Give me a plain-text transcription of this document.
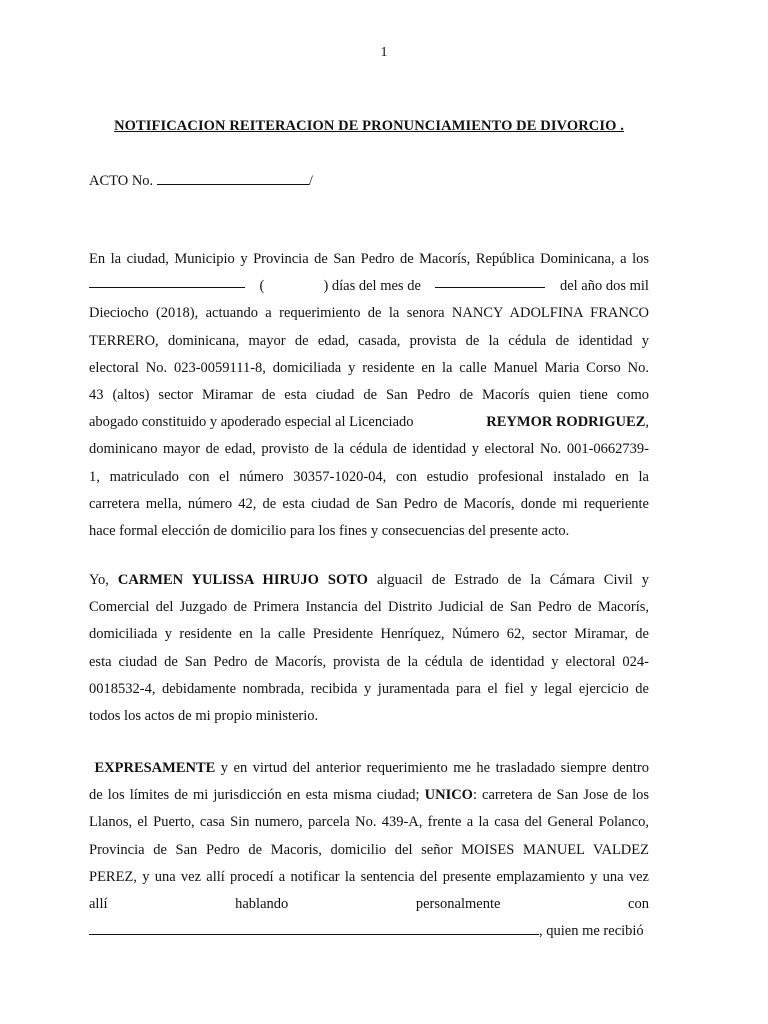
1
NOTIFICACION REITERACION DE PRONUNCIAMIENTO DE DIVORCIO .
ACTO No.	/
En la ciudad, Municipio y Provincia de San Pedro de Macorís, República Dominicana, a los
(	) días del mes de	del año dos mil
Dieciocho (2018), actuando a requerimiento de la senora NANCY ADOLFINA FRANCO
TERRERO, dominicana, mayor de edad, casada, provista de la cédula de identidad y
electoral No. 023-0059111-8, domiciliada y residente en la calle Manuel Maria Corso No.
43 (altos) sector Miramar de esta ciudad de San Pedro de Macorís quien tiene como
abogado constituido y apoderado especial al Licenciado	REYMOR RODRIGUEZ,
dominicano mayor de edad, provisto de la cédula de identidad y electoral No. 001-0662739-
1, matriculado con el número 30357-1020-04, con estudio profesional instalado en la
carretera mella, número 42, de esta ciudad de San Pedro de Macorís, donde mi requeriente
hace formal elección de domicilio para los fines y consecuencias del presente acto.
Yo, CARMEN YULISSA HIRUJO SOTO alguacil de Estrado de la Cámara Civil y
Comercial del Juzgado de Primera Instancia del Distrito Judicial de San Pedro de Macorís,
domiciliada y residente en la calle Presidente Henríquez, Número 62, sector Miramar, de
esta ciudad de San Pedro de Macorís, provista de la cédula de identidad y electoral 024-
0018532-4, debidamente nombrada, recibida y juramentada para el fiel y legal ejercicio de
todos los actos de mi propio ministerio.
EXPRESAMENTE y en virtud del anterior requerimiento me he trasladado siempre dentro
de los límites de mi jurisdicción en esta misma ciudad; UNICO: carretera de San Jose de los
Llanos, el Puerto, casa Sin numero, parcela No. 439-A, frente a la casa del General Polanco,
Provincia de San Pedro de Macoris, domicilio del señor MOISES MANUEL VALDEZ
PEREZ, y una vez allí procedí a notificar la sentencia del presente emplazamiento y una vez
allí	hablando	personalmente	con
, quien me recibió
